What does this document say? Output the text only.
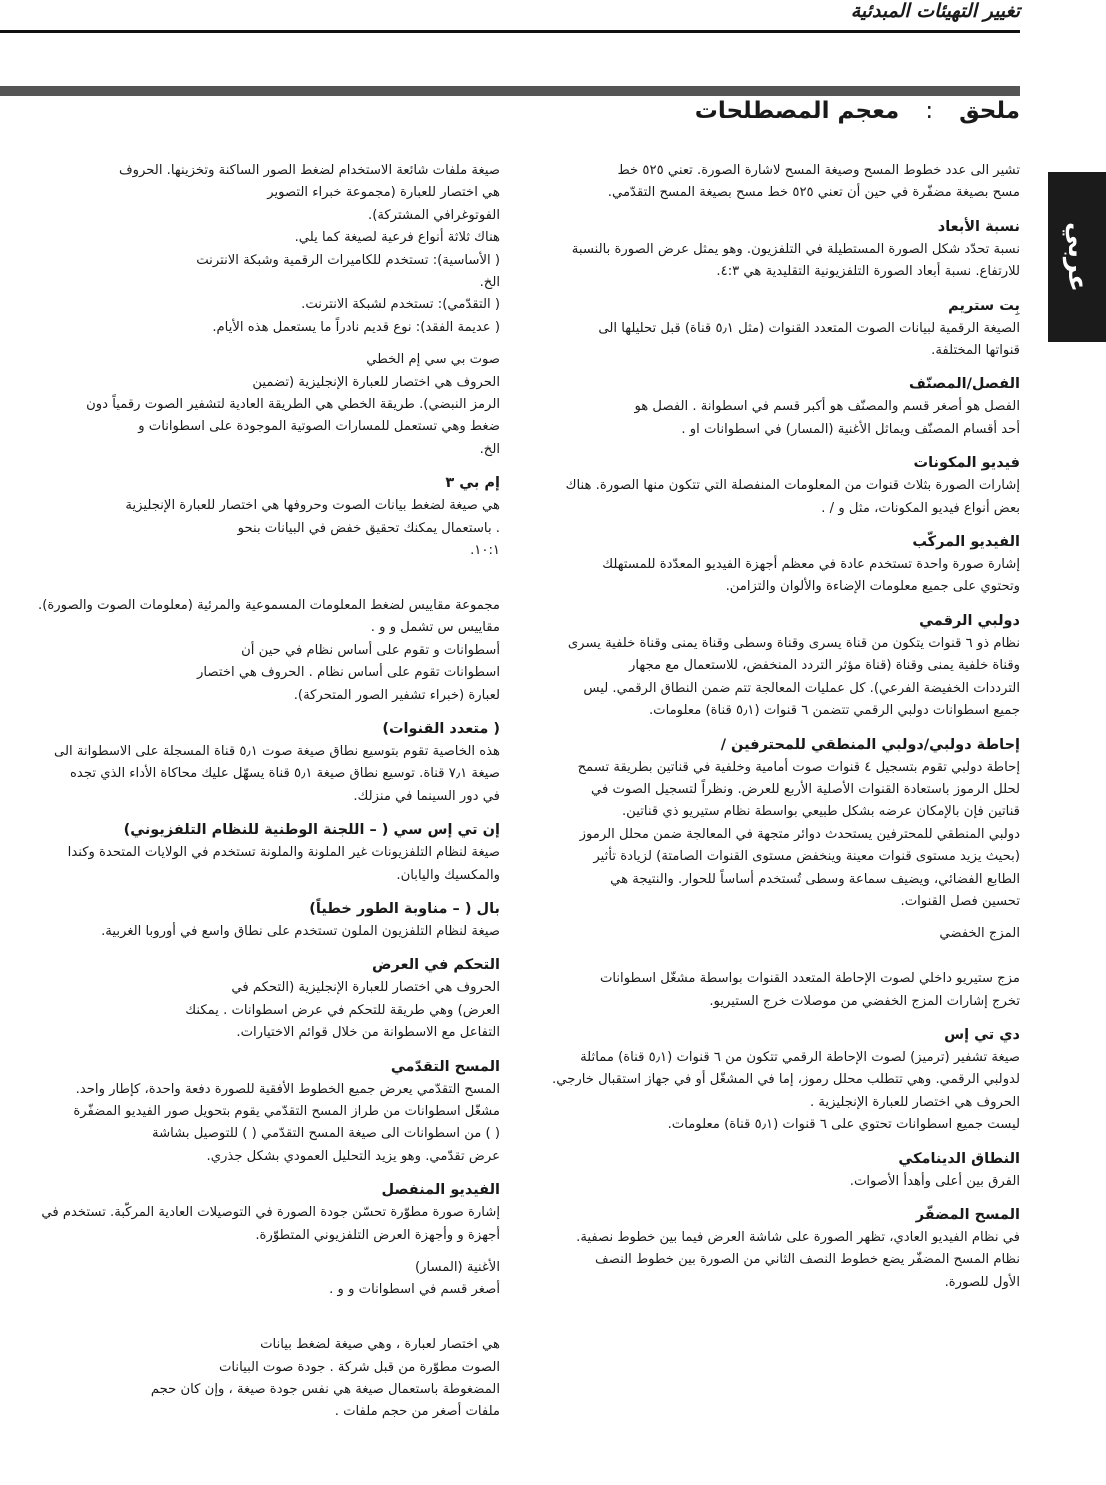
تغيير التهيئات المبدئية
ملحق:معجم المصطلحات
عربي

تشير الى عدد خطوط المسح وصيغة المسح لاشارة الصورة. تعني ٥٢٥ خط

مسح بصيغة مضفّرة في حين أن تعني ٥٢٥ خط مسح بصيغة المسح التقدّمي.

نسبة الأبعاد

نسبة تحدّد شكل الصورة المستطيلة في التلفزيون. وهو يمثل عرض الصورة بالنسبة

للارتفاع. نسبة أبعاد الصورة التلفزيونية التقليدية هي ٤:٣.

بِت ستريم

الصيغة الرقمية لبيانات الصوت المتعدد القنوات (مثل ٥٫١ قناة) قبل تحليلها الى

قنواتها المختلفة.

الفصل/المصنّف

الفصل هو أصغر قسم والمصنّف هو أكبر قسم في اسطوانة . الفصل هو

أحد أقسام المصنّف ويماثل الأغنية (المسار) في اسطوانات او .

فيديو المكونات

إشارات الصورة بثلاث قنوات من المعلومات المنفصلة التي تتكون منها الصورة. هناك

بعض أنواع فيديو المكونات، مثل و / .

الفيديو المركّب

إشارة صورة واحدة تستخدم عادة في معظم أجهزة الفيديو المعدّدة للمستهلك

وتحتوي على جميع معلومات الإضاءة والألوان والتزامن.

دولبي الرقمي

نظام ذو ٦ قنوات يتكون من قناة يسرى وقناة وسطى وقناة يمنى وقناة خلفية يسرى

وقناة خلفية يمنى وقناة (قناة مؤثر التردد المنخفض، للاستعمال مع مجهار

الترددات الخفيضة الفرعي). كل عمليات المعالجة تتم ضمن النطاق الرقمي. ليس

جميع اسطوانات دولبي الرقمي تتضمن ٦ قنوات (٥٫١ قناة) معلومات.

إحاطة دولبي/دولبي المنطقي للمحترفين /

إحاطة دولبي تقوم بتسجيل ٤ قنوات صوت أمامية وخلفية في قناتين بطريقة تسمح

لحلل الرموز باستعادة القنوات الأصلية الأربع للعرض. ونظراً لتسجيل الصوت في

قناتين فإن بالإمكان عرضه بشكل طبيعي بواسطة نظام ستيريو ذي قناتين.

دولبي المنطقي للمحترفين يستحدث دوائر متجهة في المعالجة ضمن محلل الرموز

(بحيث يزيد مستوى قنوات معينة وينخفض مستوى القنوات الصامتة) لزيادة تأثير

الطابع الفضائي، ويضيف سماعة وسطى تُستخدم أساساً للحوار. والنتيجة هي

تحسين فصل القنوات.

المزج الخفضي

مزج ستيريو داخلي لصوت الإحاطة المتعدد القنوات بواسطة مشغّل اسطوانات

تخرج إشارات المزج الخفضي من موصلات خرج الستيريو.

دي تي إس

صيغة تشفير (ترميز) لصوت الإحاطة الرقمي تتكون من ٦ قنوات (٥٫١ قناة) مماثلة

لدولبي الرقمي. وهي تتطلب محلل رموز، إما في المشغّل أو في جهاز استقبال خارجي.

الحروف هي اختصار للعبارة الإنجليزية .

ليست جميع اسطوانات تحتوي على ٦ قنوات (٥٫١ قناة) معلومات.

النطاق الدينامكي

الفرق بين أعلى وأهدأ الأصوات.

المسح المضفّر

في نظام الفيديو العادي، تظهر الصورة على شاشة العرض فيما بين خطوط نصفية.

نظام المسح المضفّر يضع خطوط النصف الثاني من الصورة بين خطوط النصف

الأول للصورة.

صيغة ملفات شائعة الاستخدام لضغط الصور الساكنة وتخزينها. الحروف

هي اختصار للعبارة (مجموعة خبراء التصوير

الفوتوغرافي المشتركة).

هناك ثلاثة أنواع فرعية لصيغة كما يلي.

( الأساسية): تستخدم للكاميرات الرقمية وشبكة الانترنت

الخ.

( التقدّمي): تستخدم لشبكة الانترنت.

( عديمة الفقد): نوع قديم نادراً ما يستعمل هذه الأيام.

صوت بي سي إم الخطي

الحروف هي اختصار للعبارة الإنجليزية (تضمين

الرمز النبضي). طريقة الخطي هي الطريقة العادية لتشفير الصوت رقمياً دون

ضغط وهي تستعمل للمسارات الصوتية الموجودة على اسطوانات و

الخ.

إم بي ٣

هي صيغة لضغط بيانات الصوت وحروفها هي اختصار للعبارة الإنجليزية

. باستعمال يمكنك تحقيق خفض في البيانات بنحو

١٠:١.

مجموعة مقاييس لضغط المعلومات المسموعية والمرئية (معلومات الصوت والصورة).

مقاييس س تشمل و و .

أسطوانات و تقوم على أساس نظام في حين أن

اسطوانات تقوم على أساس نظام . الحروف هي اختصار

لعبارة (خبراء تشفير الصور المتحركة).

( متعدد القنوات)

هذه الخاصية تقوم بتوسيع نطاق صيغة صوت ٥٫١ قناة المسجلة على الاسطوانة الى

صيغة ٧٫١ قناة. توسيع نطاق صيغة ٥٫١ قناة يسهّل عليك محاكاة الأداء الذي تجده

في دور السينما في منزلك.

إن تي إس سي ( – اللجنة الوطنية للنظام التلفزيوني)

صيغة لنظام التلفزيونات غير الملونة والملونة تستخدم في الولايات المتحدة وكندا

والمكسيك واليابان.

بال ( – مناوبة الطور خطياً)

صيغة لنظام التلفزيون الملون تستخدم على نطاق واسع في أوروبا الغربية.

التحكم في العرض

الحروف هي اختصار للعبارة الإنجليزية (التحكم في

العرض) وهي طريقة للتحكم في عرض اسطوانات . يمكنك

التفاعل مع الاسطوانة من خلال قوائم الاختيارات.

المسح التقدّمي

المسح التقدّمي يعرض جميع الخطوط الأفقية للصورة دفعة واحدة، كإطار واحد.

مشغّل اسطوانات من طراز المسح التقدّمي يقوم بتحويل صور الفيديو المضفّرة

( ) من اسطوانات الى صيغة المسح التقدّمي ( ) للتوصيل بشاشة

عرض تقدّمي. وهو يزيد التحليل العمودي بشكل جذري.

الفيديو المنفصل

إشارة صورة مطوّرة تحسّن جودة الصورة في التوصيلات العادية المركّبة. تستخدم في

أجهزة و وأجهزة العرض التلفزيوني المتطوّرة.

الأغنية (المسار)

أصغر قسم في اسطوانات و و .

هي اختصار لعبارة ، وهي صيغة لضغط بيانات

الصوت مطوّرة من قبل شركة . جودة صوت البيانات

المضغوطة باستعمال صيغة هي نفس جودة صيغة ، وإن كان حجم

ملفات أصغر من حجم ملفات .
